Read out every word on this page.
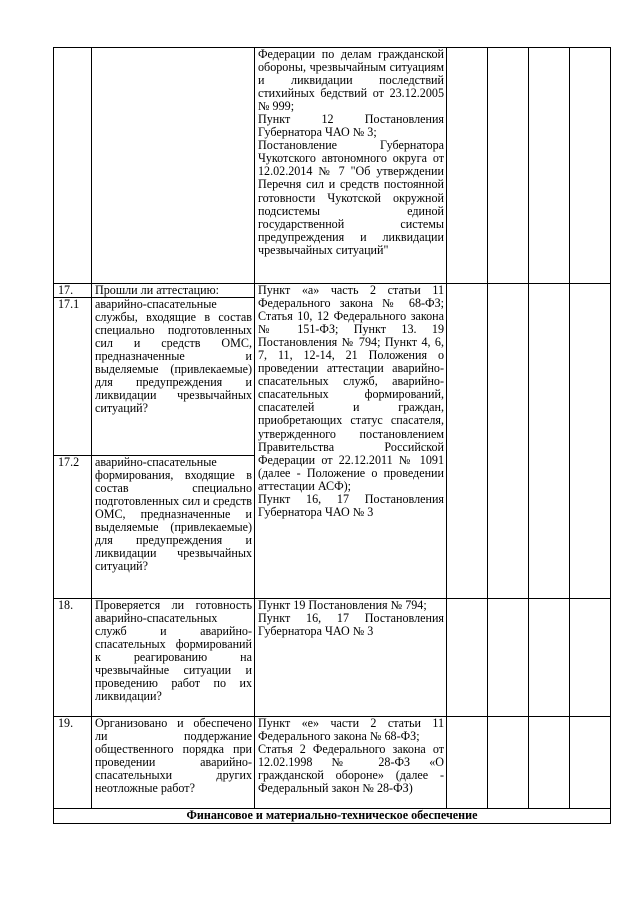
		Федерации по делам гражданской обороны, чрезвычайным ситуациям и ликвидации последствий стихийных бедствий от 23.12.2005 № 999;
Пункт 12 Постановления Губернатора ЧАО № 3;
Постановление Губернатора Чукотского автономного округа от 12.02.2014 № 7 "Об утверждении Перечня сил и средств постоянной готовности Чукотской окружной подсистемы единой государственной системы предупреждения и ликвидации чрезвычайных ситуаций"				
17.	Прошли ли аттестацию:	Пункт «а» часть 2 статьи 11 Федерального закона № 68-ФЗ; Статья 10, 12 Федерального закона № 151-ФЗ; Пункт 13. 19 Постановления № 794; Пункт 4, 6, 7, 11, 12-14, 21 Положения о проведении аттестации аварийно-спасательных служб, аварийно-спасательных формирований, спасателей и граждан, приобретающих статус спасателя, утвержденного постановлением Правительства Российской Федерации от 22.12.2011 № 1091 (далее - Положение о проведении аттестации АСФ);
Пункт 16, 17 Постановления Губернатора ЧАО № 3				
17.1	аварийно-спасательные службы, входящие в состав специально подготовленных сил и средств ОМС, предназначенные и выделяемые (привлекаемые) для предупреждения и ликвидации чрезвычайных ситуаций?					
17.2	аварийно-спасательные формирования, входящие в состав специально подготовленных сил и средств ОМС, предназначенные и выделяемые (привлекаемые) для предупреждения и ликвидации чрезвычайных ситуаций?					
18.	Проверяется ли готовность аварийно-спасательных служб и аварийно-спасательных формирований к реагированию на чрезвычайные ситуации и проведению работ по их ликвидации?	Пункт 19 Постановления № 794;
Пункт 16, 17 Постановления Губернатора ЧАО № 3				
19.	Организовано и обеспечено ли поддержание общественного порядка при проведении аварийно-спасательныхи других неотложные работ?	Пункт «е» части 2 статьи 11 Федерального закона № 68-ФЗ;
Статья 2 Федерального закона от 12.02.1998 № 28-ФЗ «О гражданской обороне» (далее - Федеральный закон № 28-ФЗ)				
Финансовое и материально-техническое обеспечение						
